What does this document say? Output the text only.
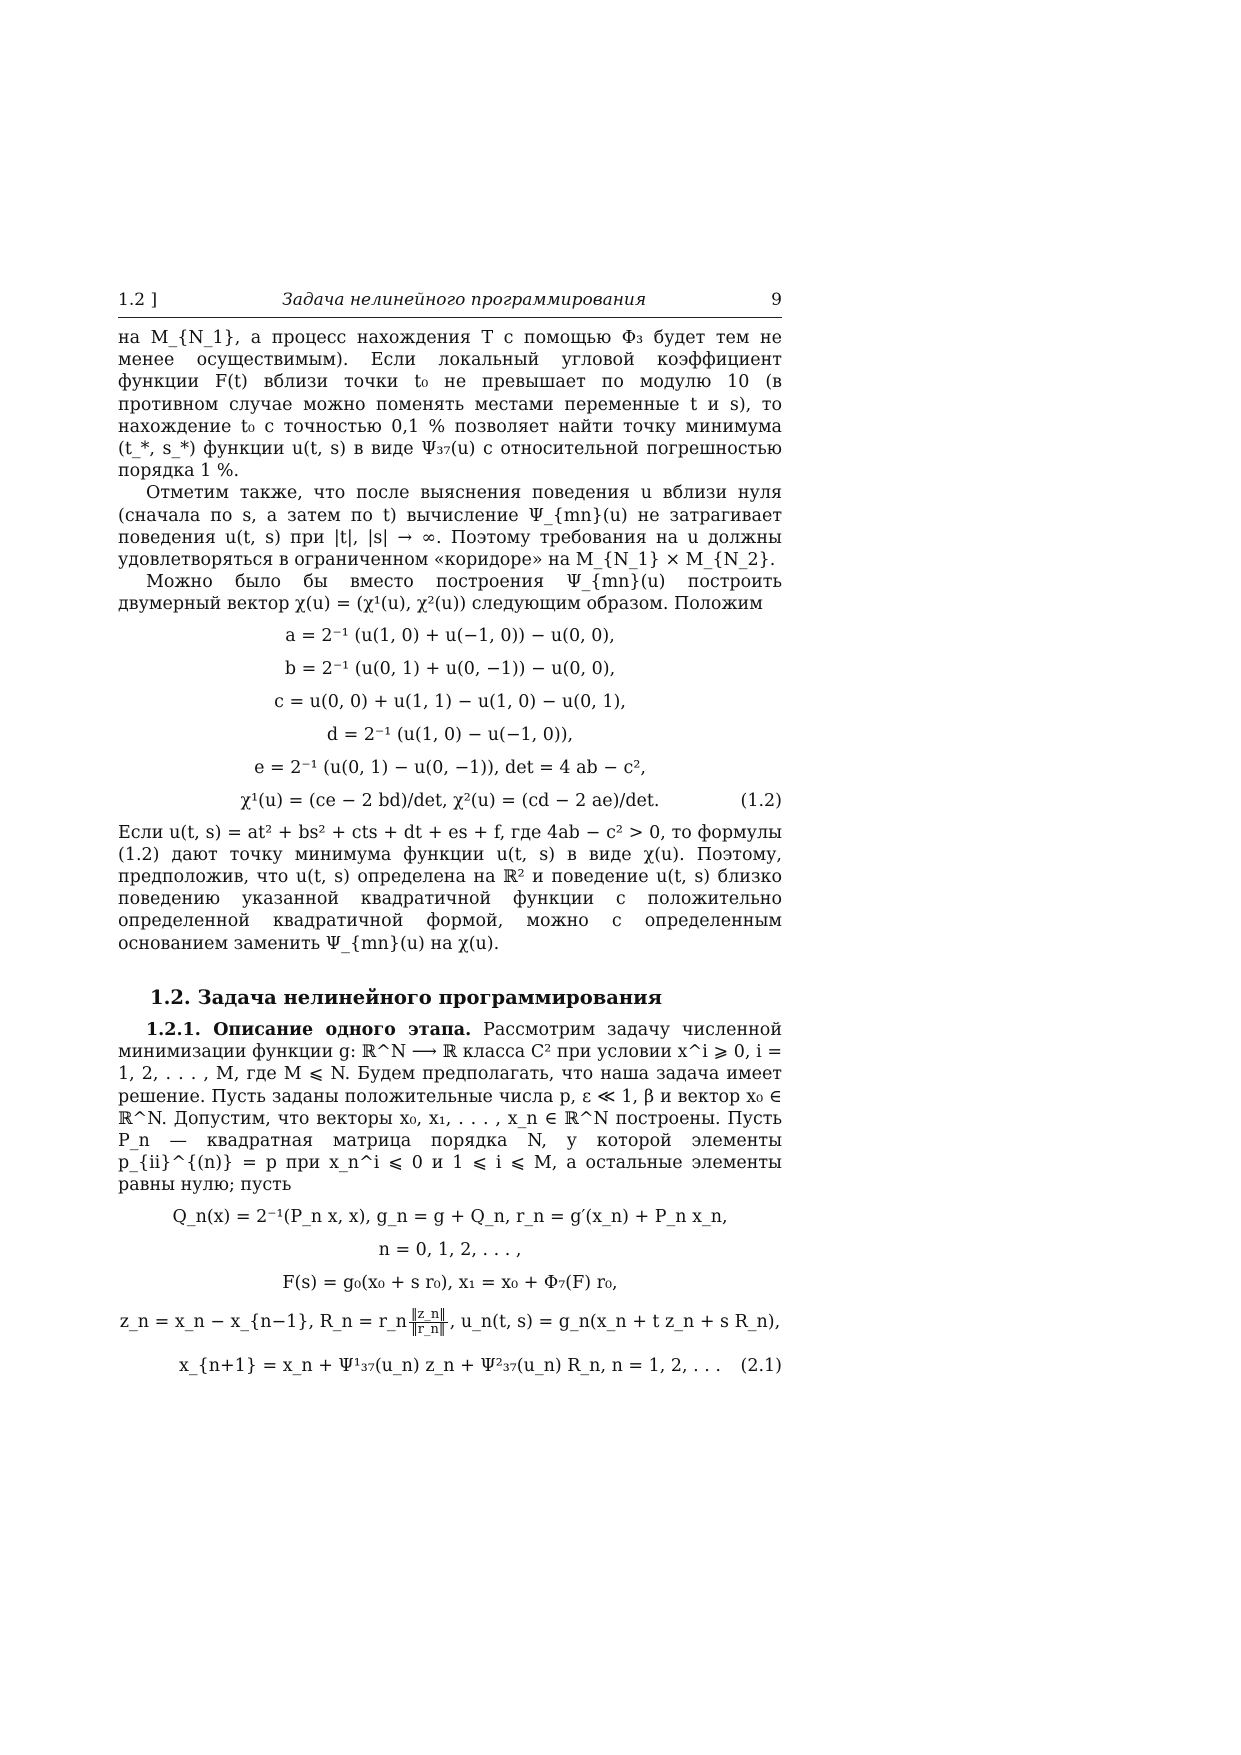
1.2 ]	Задача нелинейного программирования	9

на M_{N_1}, а процесс нахождения T с помощью Φ₃ будет тем не менее осуществимым). Если локальный угловой коэффициент функции F(t) вблизи точки t₀ не превышает по модулю 10 (в противном случае можно поменять местами переменные t и s), то нахождение t₀ с точностью 0,1 % позволяет найти точку минимума (t_*, s_*) функции u(t, s) в виде Ψ₃₇(u) с относительной погрешностью порядка 1 %.

Отметим также, что после выяснения поведения u вблизи нуля (сначала по s, а затем по t) вычисление Ψ_{mn}(u) не затрагивает поведения u(t, s) при |t|, |s| → ∞. Поэтому требования на u должны удовлетворяться в ограниченном «коридоре» на M_{N_1} × M_{N_2}.

Можно было бы вместо построения Ψ_{mn}(u) построить двумерный вектор χ(u) = (χ¹(u), χ²(u)) следующим образом. Положим

a = 2⁻¹ (u(1, 0) + u(−1, 0)) − u(0, 0),
b = 2⁻¹ (u(0, 1) + u(0, −1)) − u(0, 0),
c = u(0, 0) + u(1, 1) − u(1, 0) − u(0, 1),
d = 2⁻¹ (u(1, 0) − u(−1, 0)),
e = 2⁻¹ (u(0, 1) − u(0, −1)), det = 4 ab − c²,
χ¹(u) = (ce − 2 bd)/det, χ²(u) = (cd − 2 ae)/det.	(1.2)

Если u(t, s) = at² + bs² + cts + dt + es + f, где 4ab − c² > 0, то формулы (1.2) дают точку минимума функции u(t, s) в виде χ(u). Поэтому, предположив, что u(t, s) определена на ℝ² и поведение u(t, s) близко поведению указанной квадратичной функции с положительно определенной квадратичной формой, можно с определенным основанием заменить Ψ_{mn}(u) на χ(u).

1.2. Задача нелинейного программирования

1.2.1. Описание одного этапа. Рассмотрим задачу численной минимизации функции g: ℝ^N ⟶ ℝ класса C² при условии x^i ⩾ 0, i = 1, 2, . . . , M, где M ⩽ N. Будем предполагать, что наша задача имеет решение. Пусть заданы положительные числа p, ε ≪ 1, β и вектор x₀ ∈ ℝ^N. Допустим, что векторы x₀, x₁, . . . , x_n ∈ ℝ^N построены. Пусть P_n — квадратная матрица порядка N, у которой элементы p_{ii}^{(n)} = p при x_n^i ⩽ 0 и 1 ⩽ i ⩽ M, а остальные элементы равны нулю; пусть

Q_n(x) = 2⁻¹(P_n x, x), g_n = g + Q_n, r_n = g′(x_n) + P_n x_n,
n = 0, 1, 2, . . . ,
F(s) = g₀(x₀ + s r₀), x₁ = x₀ + Φ₇(F) r₀,
z_n = x_n − x_{n−1}, R_n = r_n $\frac{‖z\_n‖}{‖r\_n‖}$ , u_n(t, s) = g_n(x_n + t z_n + s R_n),
x_{n+1} = x_n + Ψ¹₃₇(u_n) z_n + Ψ²₃₇(u_n) R_n, n = 1, 2, . . . (2.1)
